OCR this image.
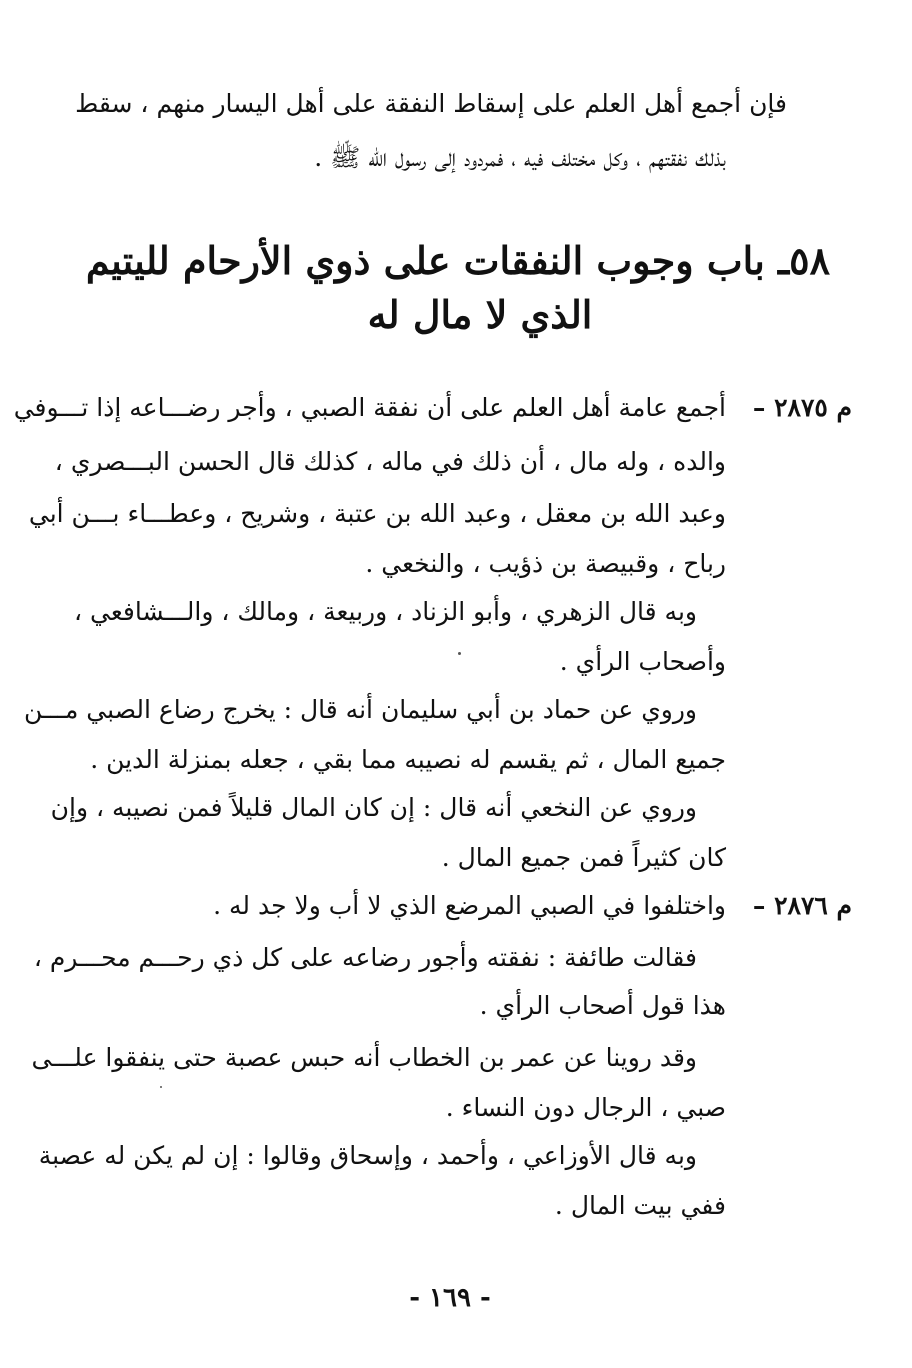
فإن أجمع أهل العلم على إسقاط النفقة على أهل اليسار منهم ، سقط
بذلك نفقتهم ، وكل مختلف فيه ، فمردود إلى رسول الله ﷺ .
٥٨ـ باب وجوب النفقات على ذوي الأرحام لليتيم
الذي لا مال له
م ٢٨٧٥ –
أجمع عامة أهل العلم على أن نفقة الصبي ، وأجر رضـــاعه إذا تـــوفي
والده ، وله مال ، أن ذلك في ماله ، كذلك قال الحسن البـــصري ،
وعبد الله بن معقل ، وعبد الله بن عتبة ، وشريح ، وعطـــاء بـــن أبي
رباح ، وقبيصة بن ذؤيب ، والنخعي .
وبه قال الزهري ، وأبو الزناد ، وربيعة ، ومالك ، والـــشافعي ،
وأصحاب الرأي .
وروي عن حماد بن أبي سليمان أنه قال : يخرج رضاع الصبي مـــن
جميع المال ، ثم يقسم له نصيبه مما بقي ، جعله بمنزلة الدين .
وروي عن النخعي أنه قال : إن كان المال قليلاً فمن نصيبه ، وإن
كان كثيراً فمن جميع المال .
م ٢٨٧٦ –
واختلفوا في الصبي المرضع الذي لا أب ولا جد له .
فقالت طائفة : نفقته وأجور رضاعه على كل ذي رحـــم محـــرم ،
هذا قول أصحاب الرأي .
وقد روينا عن عمر بن الخطاب أنه حبس عصبة حتى ينفقوا علـــى
صبي ، الرجال دون النساء .
وبه قال الأوزاعي ، وأحمد ، وإسحاق وقالوا : إن لم يكن له عصبة
ففي بيت المال .
- ١٦٩ -
